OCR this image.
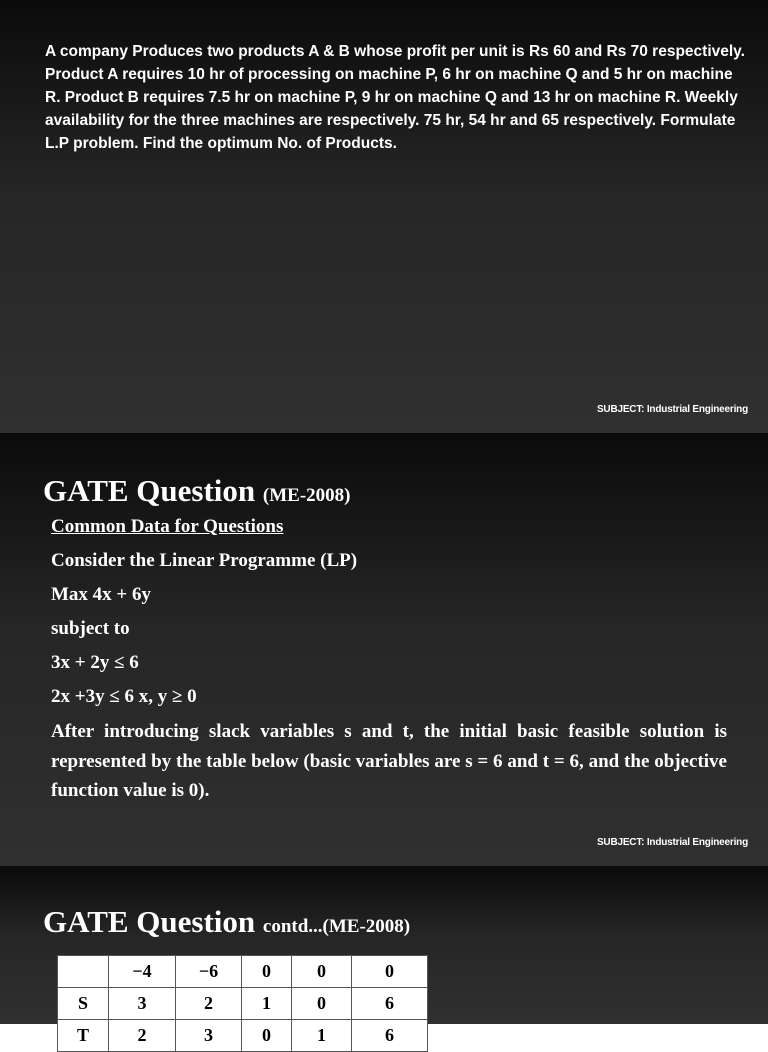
A company Produces two products A & B whose profit per unit is Rs 60 and Rs 70 respectively. Product A requires 10 hr of processing on machine P, 6 hr on machine Q and 5 hr on machine R. Product B requires 7.5 hr on machine P, 9 hr on machine Q and 13 hr on machine R. Weekly availability for the three machines are respectively. 75 hr, 54 hr and 65 respectively. Formulate L.P problem. Find the optimum No. of Products.

SUBJECT: Industrial Engineering
GATE Question (ME-2008)

Common Data for Questions

Consider the Linear Programme (LP)

Max 4x + 6y

subject to

3x + 2y ≤ 6

2x +3y ≤ 6 x, y ≥ 0

After introducing slack variables s and t, the initial basic feasible solution is represented by the table below (basic variables are s = 6 and t = 6, and the objective function value is 0).

SUBJECT: Industrial Engineering
GATE Question contd...(ME-2008)
	−4	−6	0	0	0
S	3	2	1	0	6
T	2	3	0	1	6
